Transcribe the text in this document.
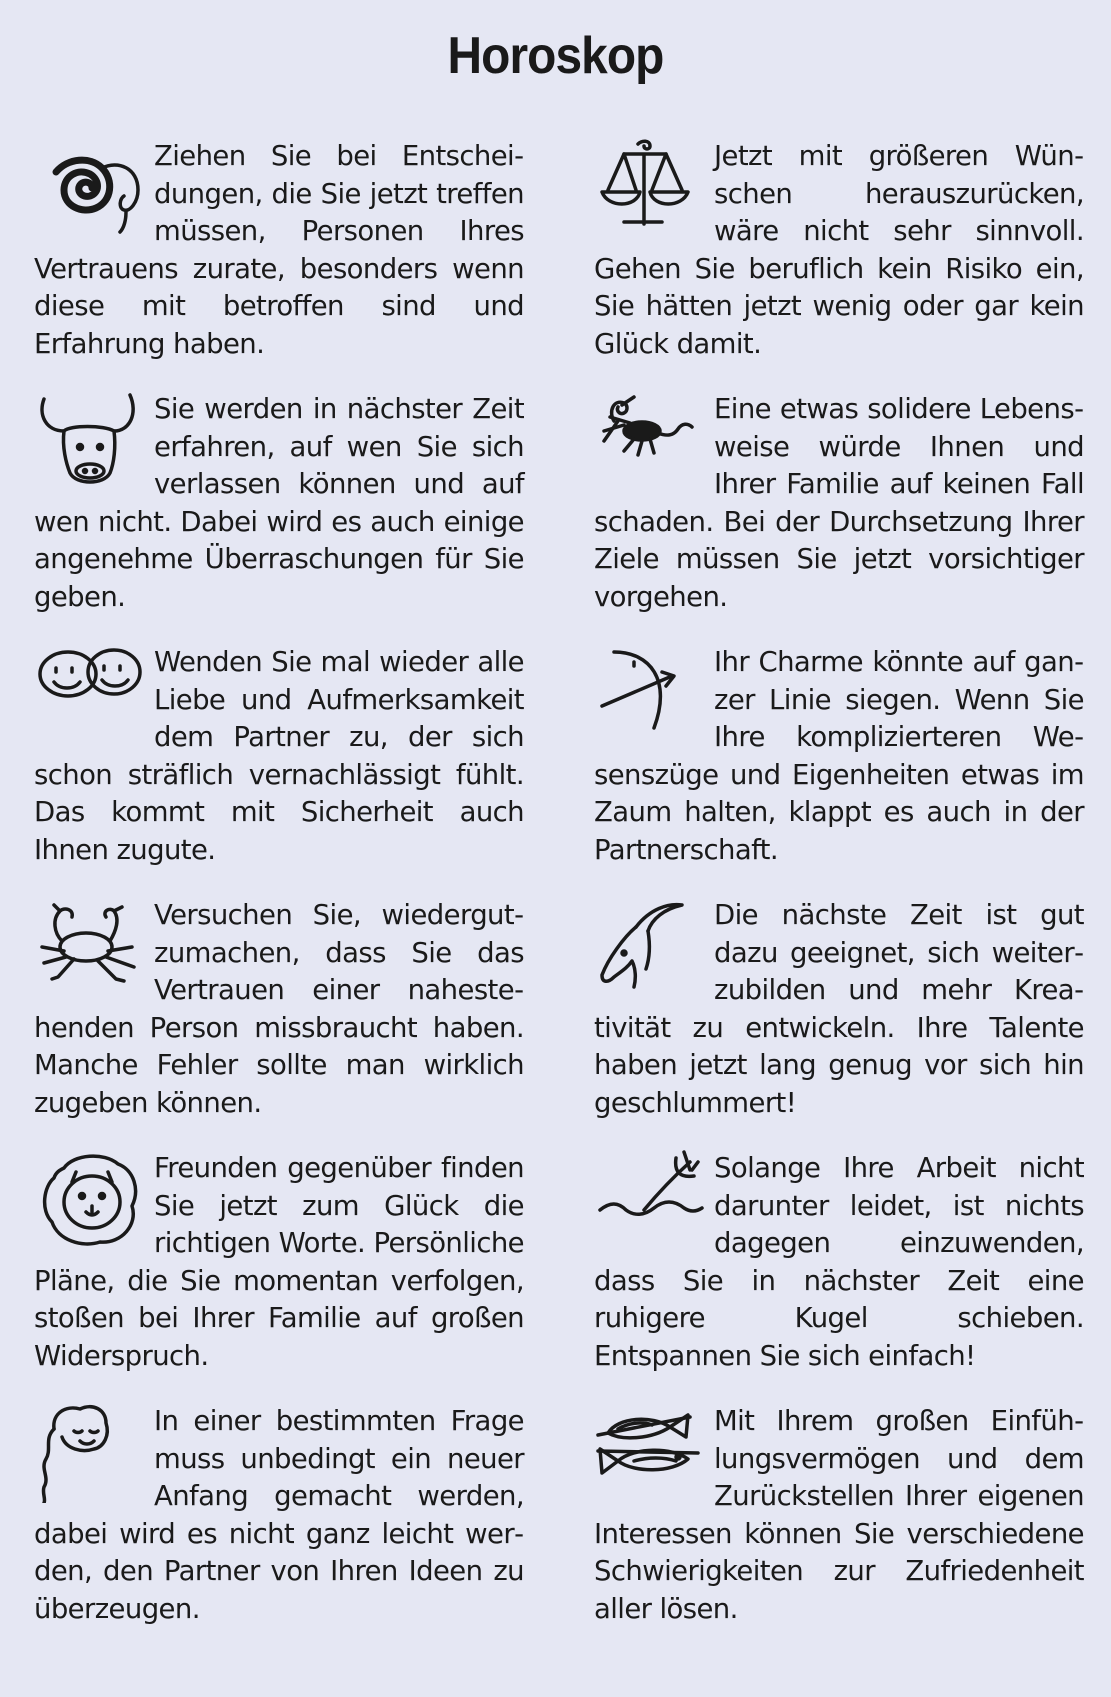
Horoskop

Ziehen Sie bei Entscheidungen, die Sie jetzt treffen müssen, Personen Ihres Vertrauens zurate, besonders wenn diese mit betroffen sind und Erfahrung haben.

Sie werden in nächster Zeit erfahren, auf wen Sie sich verlassen können und auf wen nicht. Dabei wird es auch einige angenehme Überraschungen für Sie geben.

Wenden Sie mal wieder alle Liebe und Aufmerksamkeit dem Partner zu, der sich schon sträflich vernachlässigt fühlt. Das kommt mit Sicherheit auch Ihnen zugute.

Versuchen Sie, wiedergutzumachen, dass Sie das Vertrauen einer nahestehenden Person missbraucht haben. Manche Fehler sollte man wirklich zugeben können.

Freunden gegenüber finden Sie jetzt zum Glück die richtigen Worte. Persönliche Pläne, die Sie momentan verfolgen, stoßen bei Ihrer Familie auf großen Widerspruch.

In einer bestimmten Frage muss unbedingt ein neuer Anfang gemacht werden, dabei wird es nicht ganz leicht werden, den Partner von Ihren Ideen zu überzeugen.

Jetzt mit größeren Wünschen herauszurücken, wäre nicht sehr sinnvoll. Gehen Sie beruflich kein Risiko ein, Sie hätten jetzt wenig oder gar kein Glück damit.

Eine etwas solidere Lebensweise würde Ihnen und Ihrer Familie auf keinen Fall schaden. Bei der Durchsetzung Ihrer Ziele müssen Sie jetzt vorsichtiger vorgehen.

Ihr Charme könnte auf ganzer Linie siegen. Wenn Sie Ihre komplizierteren Wesenszüge und Eigenheiten etwas im Zaum halten, klappt es auch in der Partnerschaft.

Die nächste Zeit ist gut dazu geeignet, sich weiterzubilden und mehr Kreativität zu entwickeln. Ihre Talente haben jetzt lang genug vor sich hin geschlummert!

Solange Ihre Arbeit nicht darunter leidet, ist nichts dagegen einzuwenden, dass Sie in nächster Zeit eine ruhigere Kugel schieben. Entspannen Sie sich einfach!

Mit Ihrem großen Einfühlungsvermögen und dem Zurückstellen Ihrer eigenen Interessen können Sie verschiedene Schwierigkeiten zur Zufriedenheit aller lösen.
